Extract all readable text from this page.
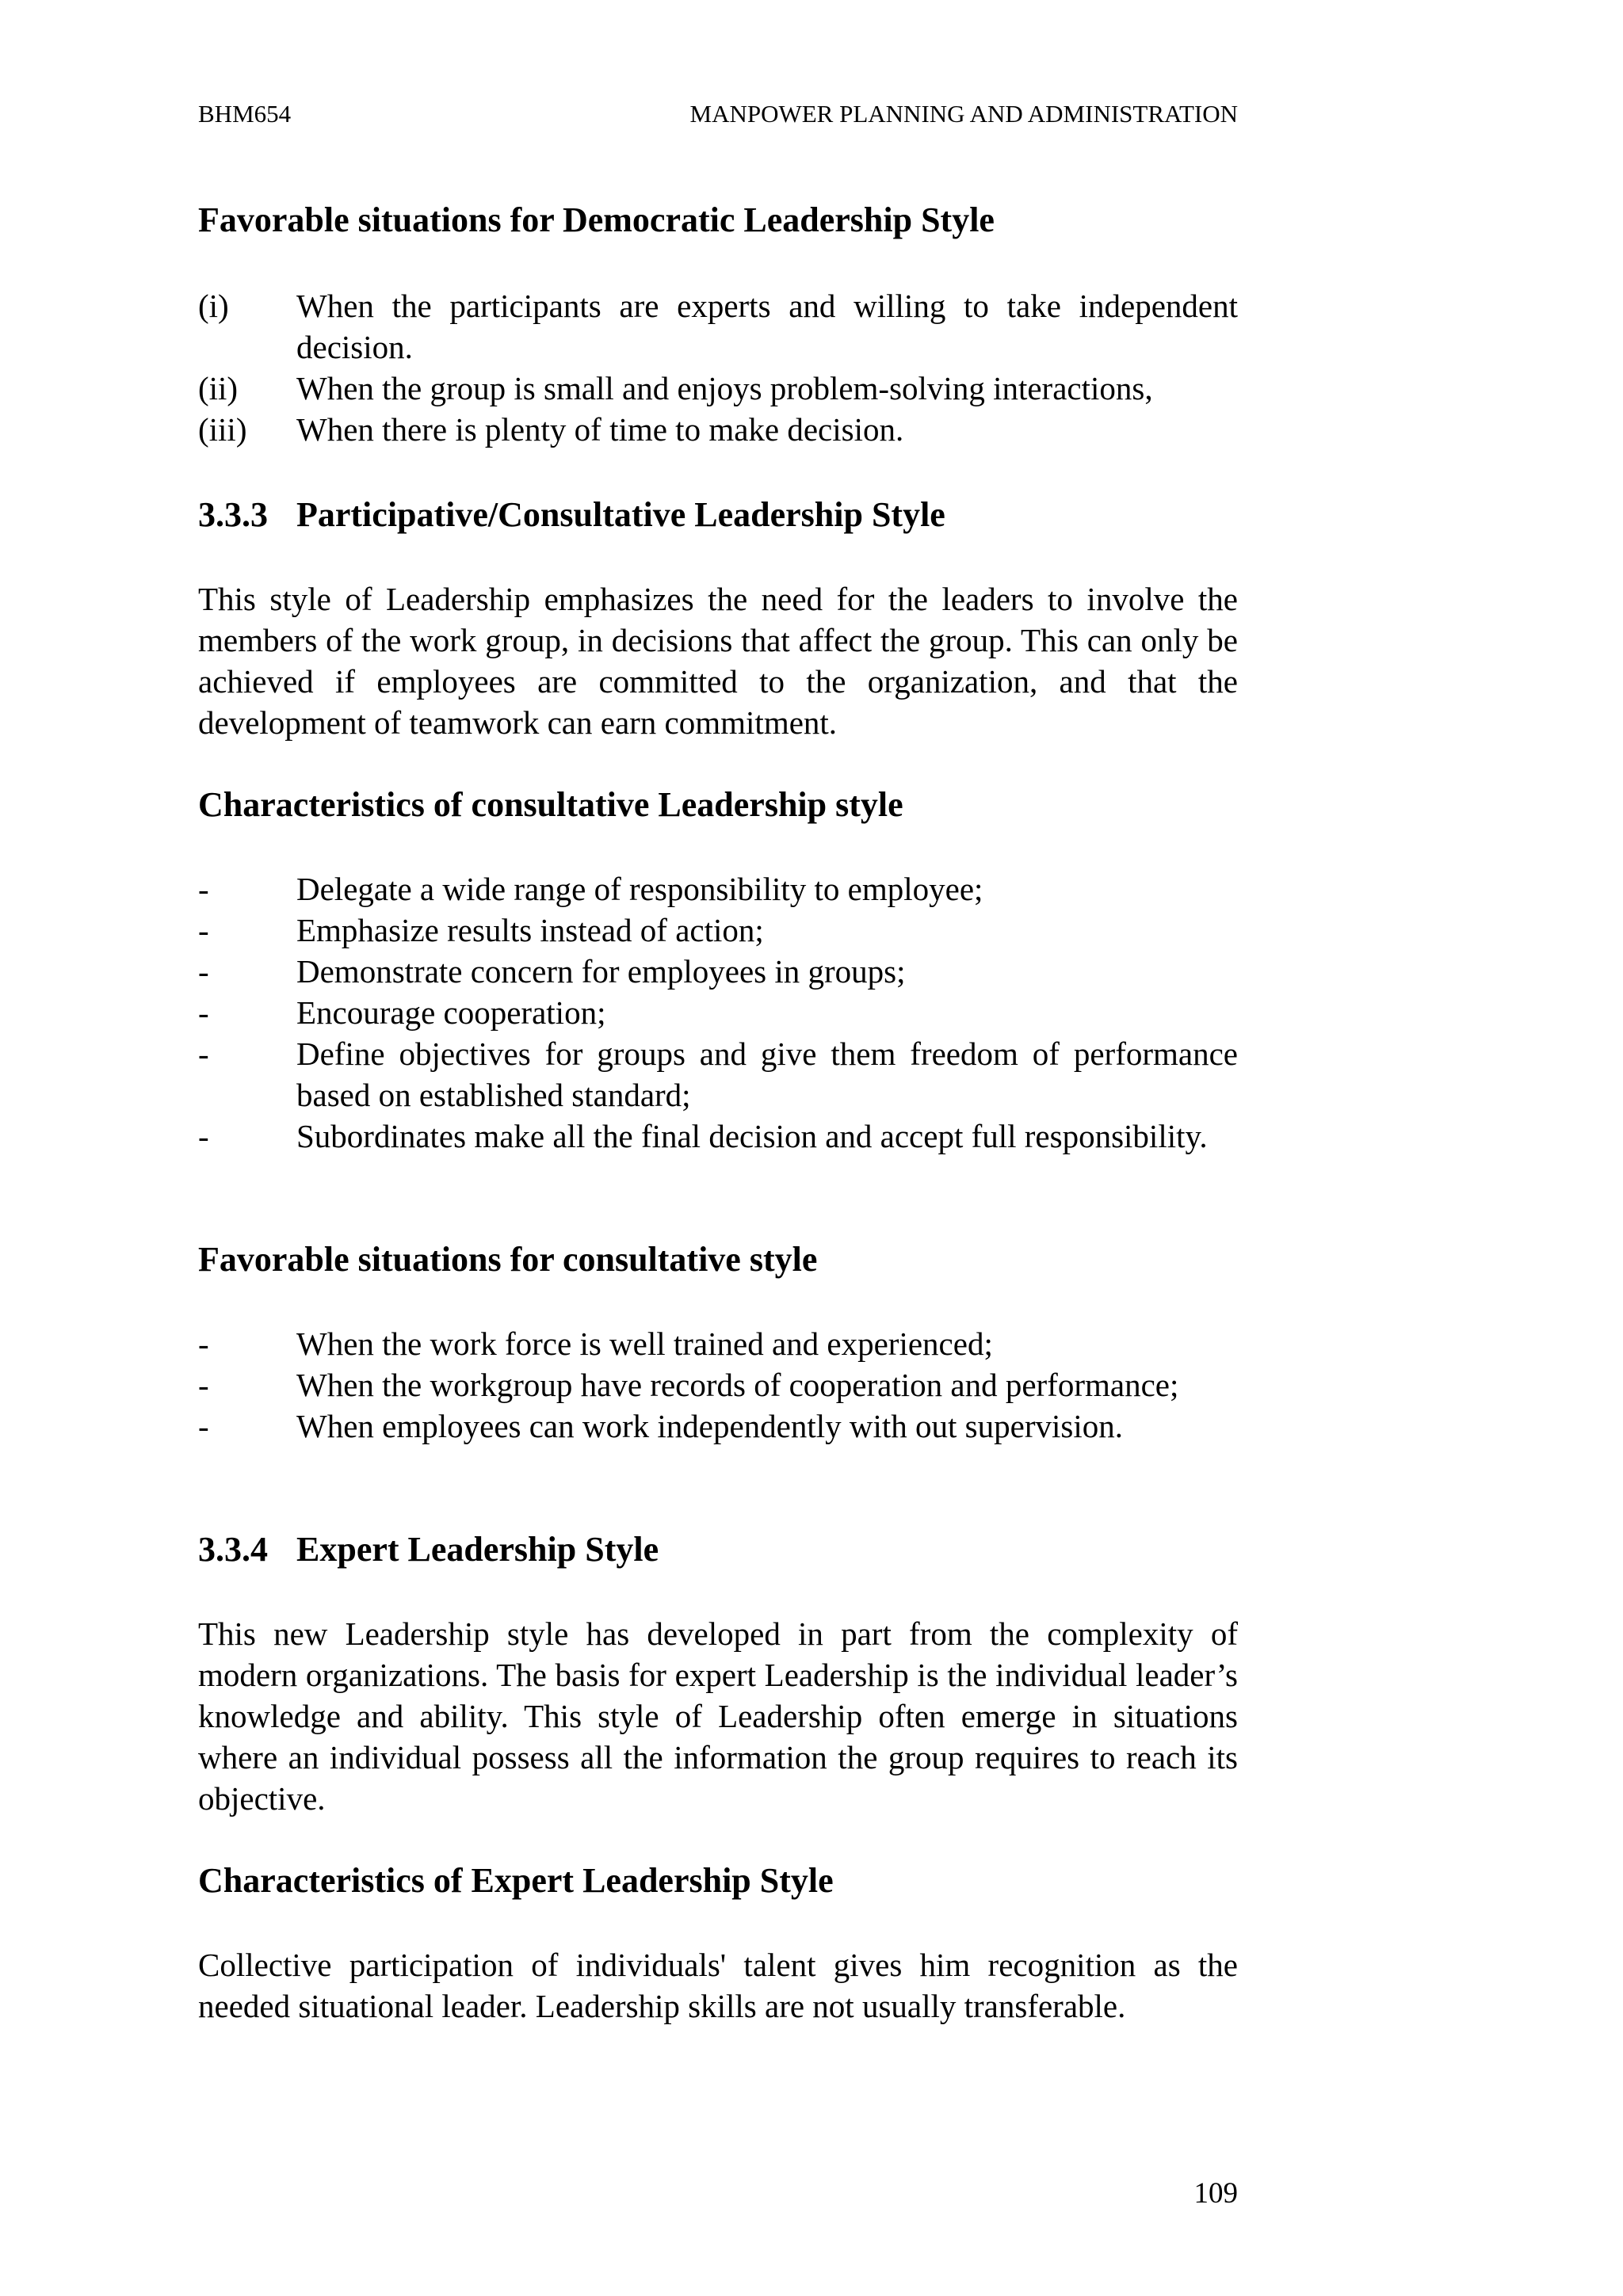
BHM654	MANPOWER PLANNING AND ADMINISTRATION
Favorable situations for Democratic Leadership Style
(i) When the participants are experts and willing to take independent decision.
(ii) When the group is small and enjoys problem-solving interactions,
(iii) When there is plenty of time to make decision.
3.3.3 Participative/Consultative Leadership Style

This style of Leadership emphasizes the need for the leaders to involve the members of the work group, in decisions that affect the group. This can only be achieved if employees are committed to the organization, and that the development of teamwork can earn commitment.

Characteristics of consultative Leadership style
-	Delegate a wide range of responsibility to employee;
-	Emphasize results instead of action;
-	Demonstrate concern for employees in groups;
-	Encourage cooperation;
-	Define objectives for groups and give them freedom of performance based on established standard;
-	Subordinates make all the final decision and accept full responsibility.
Favorable situations for consultative style
-	When the work force is well trained and experienced;
-	When the workgroup have records of cooperation and performance;
-	When employees can work independently with out supervision.
3.3.4 Expert Leadership Style

This new Leadership style has developed in part from the complexity of modern organizations. The basis for expert Leadership is the individual leader’s knowledge and ability. This style of Leadership often emerge in situations where an individual possess all the information the group requires to reach its objective.

Characteristics of Expert Leadership Style

Collective participation of individuals' talent gives him recognition as the needed situational leader. Leadership skills are not usually transferable.

109
